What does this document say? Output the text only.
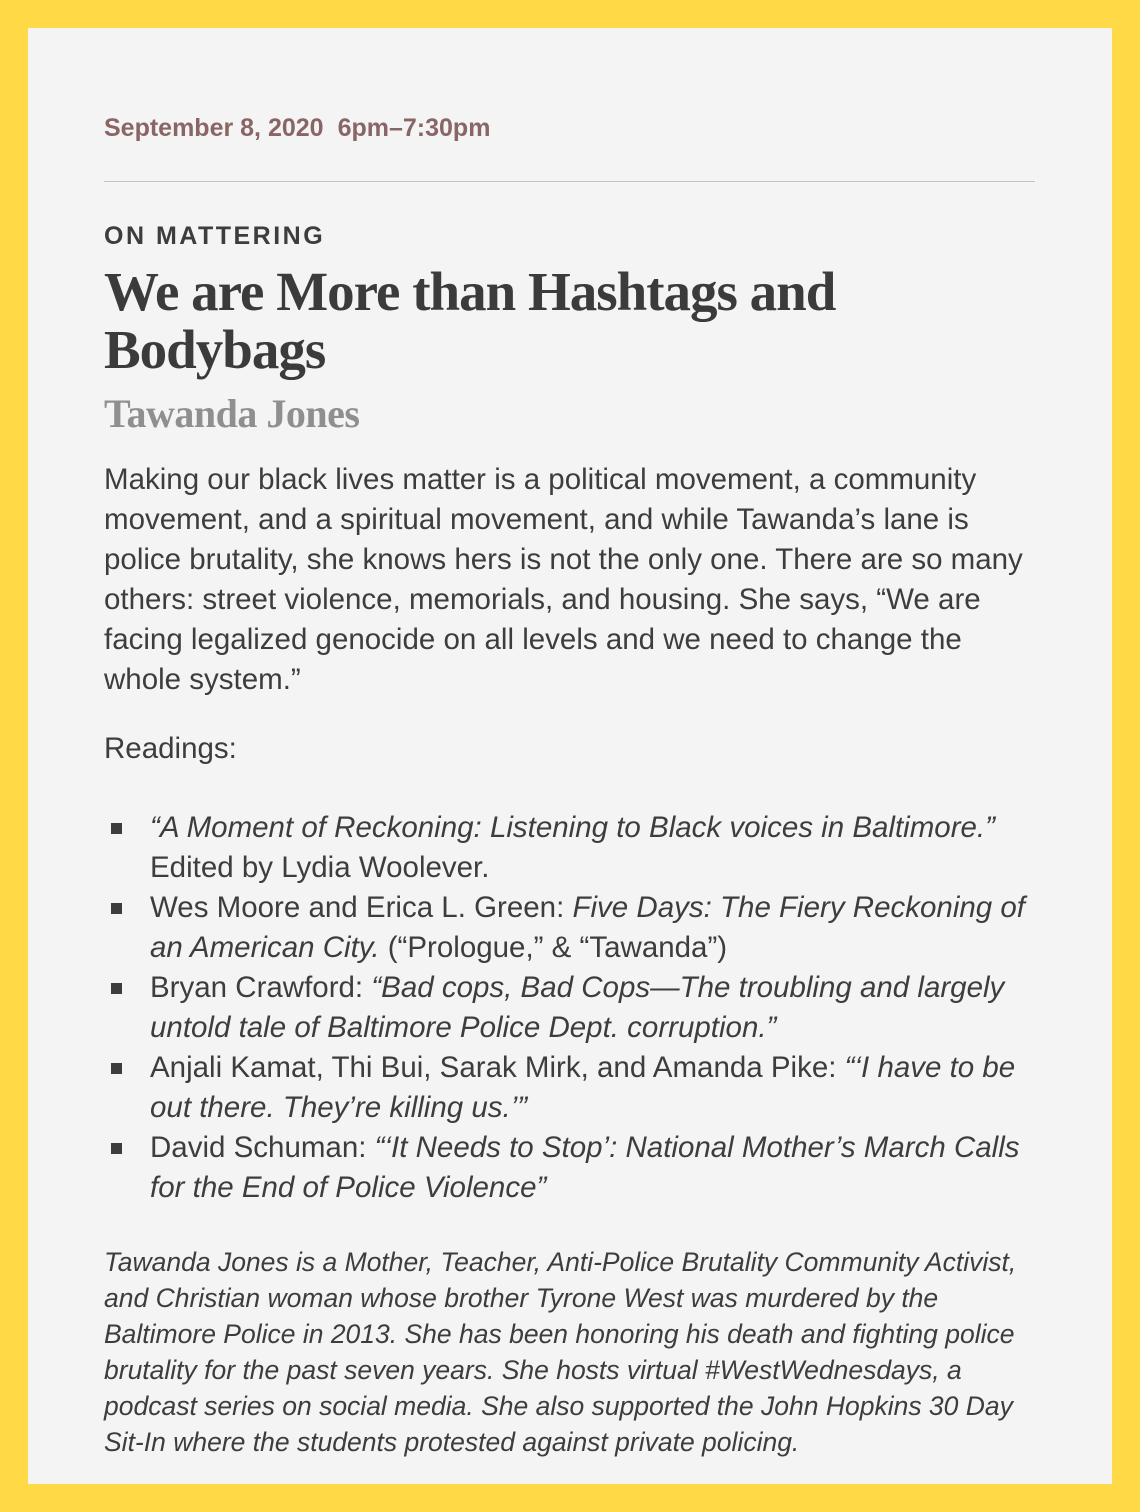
September 8, 2020 6pm–7:30pm
ON MATTERING
We are More than Hashtags and Bodybags
Tawanda Jones

Making our black lives matter is a political movement, a community movement, and a spiritual movement, and while Tawanda’s lane is police brutality, she knows hers is not the only one. There are so many others: street violence, memorials, and housing. She says, “We are facing legalized genocide on all levels and we need to change the whole system.”

Readings:
“A Moment of Reckoning: Listening to Black voices in Baltimore.” Edited by Lydia Woolever.
Wes Moore and Erica L. Green: Five Days: The Fiery Reckoning of an American City. (“Prologue,” & “Tawanda”)
Bryan Crawford: “Bad cops, Bad Cops—The troubling and largely untold tale of Baltimore Police Dept. corruption.”
Anjali Kamat, Thi Bui, Sarak Mirk, and Amanda Pike: “‘I have to be out there. They’re killing us.’”
David Schuman: “‘It Needs to Stop’: National Mother’s March Calls for the End of Police Violence”

Tawanda Jones is a Mother, Teacher, Anti-Police Brutality Community Activist, and Christian woman whose brother Tyrone West was murdered by the Baltimore Police in 2013. She has been honoring his death and fighting police brutality for the past seven years. She hosts virtual #WestWednesdays, a podcast series on social media. She also supported the John Hopkins 30 Day Sit-In where the students protested against private policing.
